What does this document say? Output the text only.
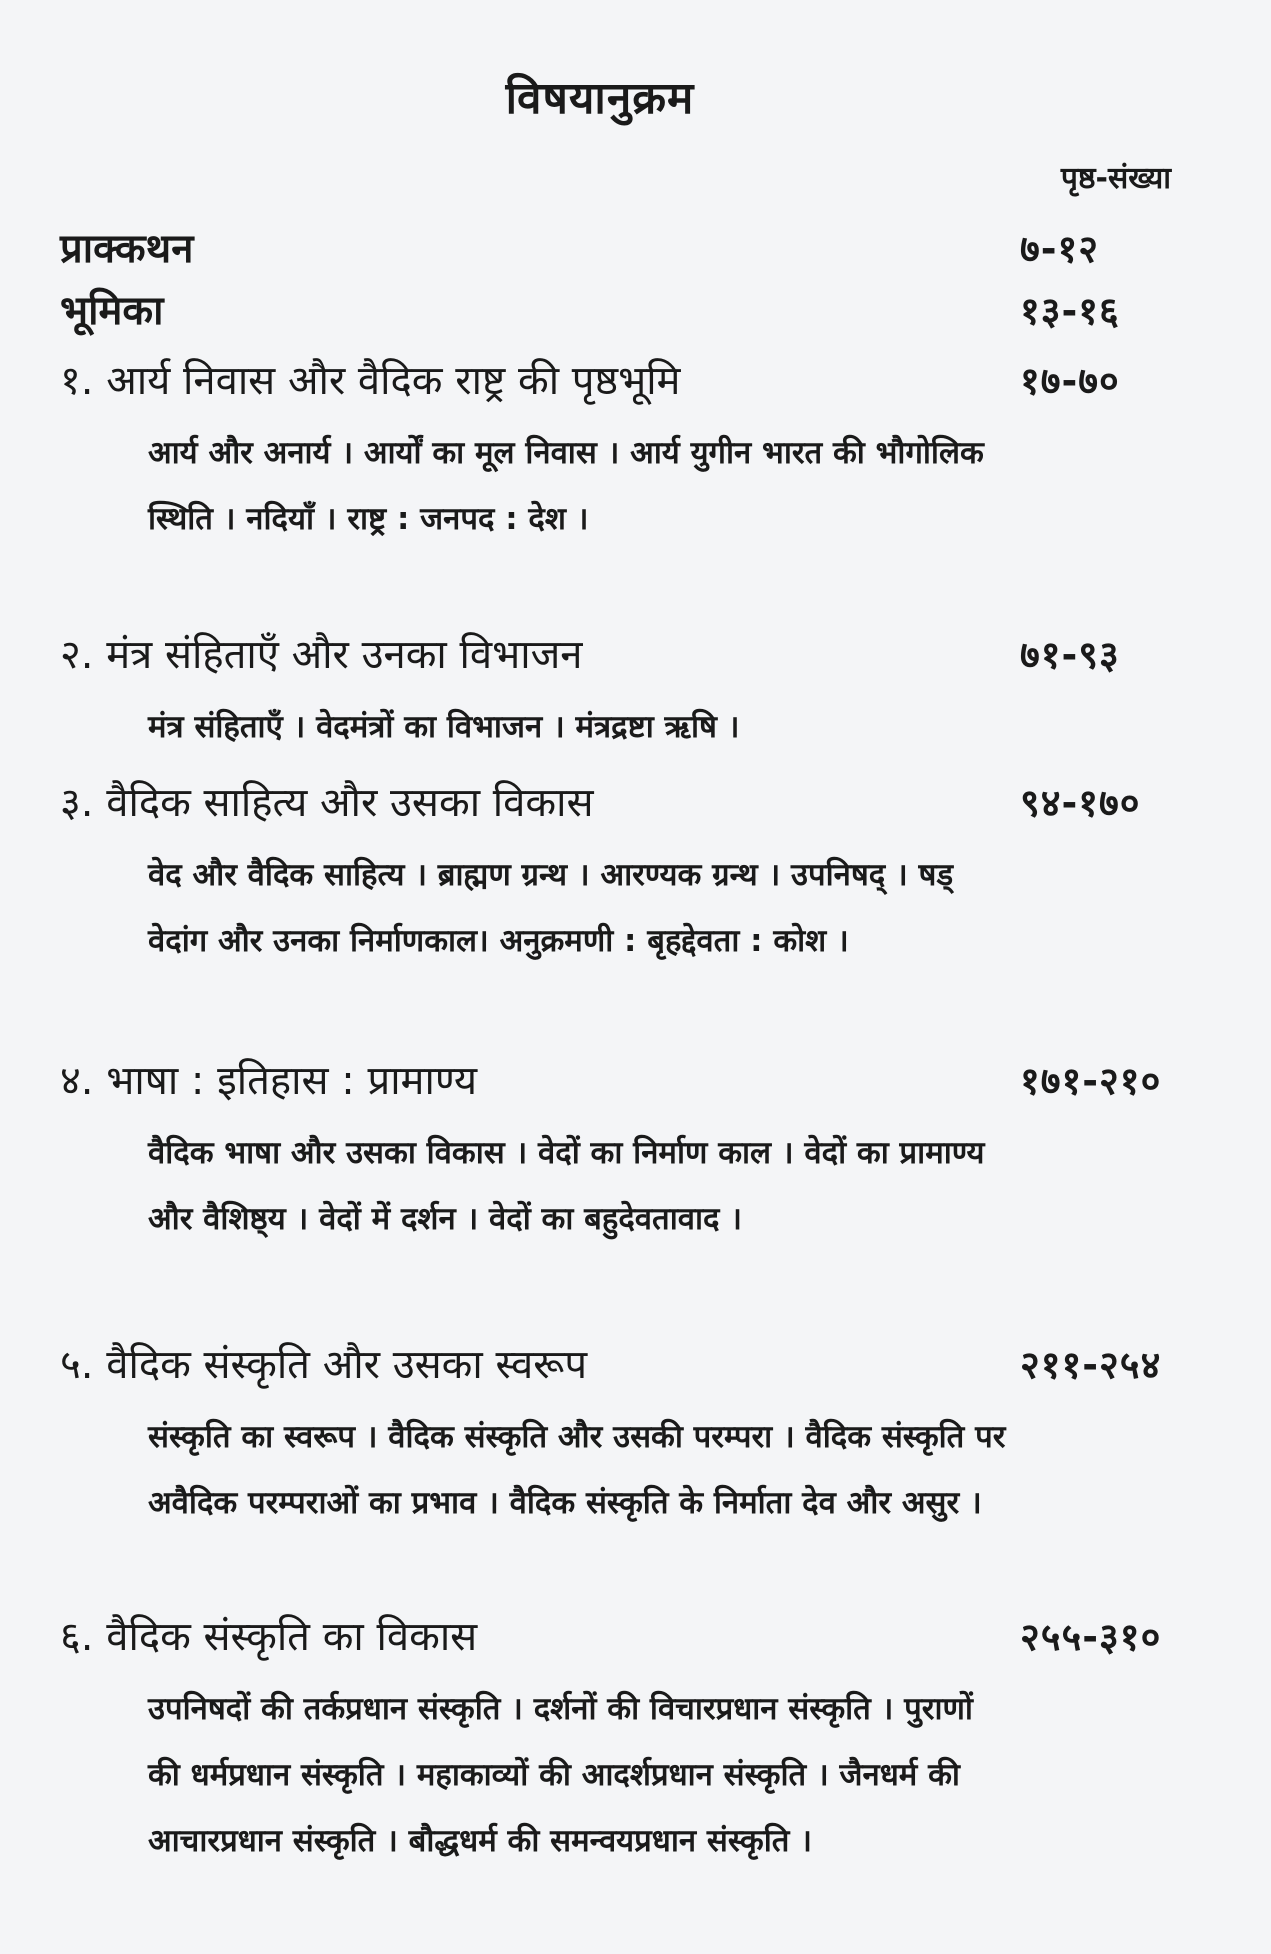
विषयानुक्रम
पृष्ठ-संख्या
प्राक्कथन	७-१२
भूमिका	१३-१६
१. आर्य निवास और वैदिक राष्ट्र की पृष्ठभूमि	१७-७०
आर्य और अनार्य । आर्यों का मूल निवास । आर्य युगीन भारत की भौगोलिक स्थिति । नदियाँ । राष्ट्र : जनपद : देश ।
२. मंत्र संहिताएँ और उनका विभाजन	७१-९३
मंत्र संहिताएँ । वेदमंत्रों का विभाजन । मंत्रद्रष्टा ऋषि ।
३. वैदिक साहित्य और उसका विकास	९४-१७०
वेद और वैदिक साहित्य । ब्राह्मण ग्रन्थ । आरण्यक ग्रन्थ । उपनिषद् । षड् वेदांग और उनका निर्माणकाल। अनुक्रमणी : बृहद्देवता : कोश ।
४. भाषा : इतिहास : प्रामाण्य	१७१-२१०
वैदिक भाषा और उसका विकास । वेदों का निर्माण काल । वेदों का प्रामाण्य और वैशिष्ठ्य । वेदों में दर्शन । वेदों का बहुदेवतावाद ।
५. वैदिक संस्कृति और उसका स्वरूप	२११-२५४
संस्कृति का स्वरूप । वैदिक संस्कृति और उसकी परम्परा । वैदिक संस्कृति पर अवैदिक परम्पराओं का प्रभाव । वैदिक संस्कृति के निर्माता देव और असुर ।
६. वैदिक संस्कृति का विकास	२५५-३१०
उपनिषदों की तर्कप्रधान संस्कृति । दर्शनों की विचारप्रधान संस्कृति । पुराणों की धर्मप्रधान संस्कृति । महाकाव्यों की आदर्शप्रधान संस्कृति । जैनधर्म की आचारप्रधान संस्कृति । बौद्धधर्म की समन्वयप्रधान संस्कृति ।
